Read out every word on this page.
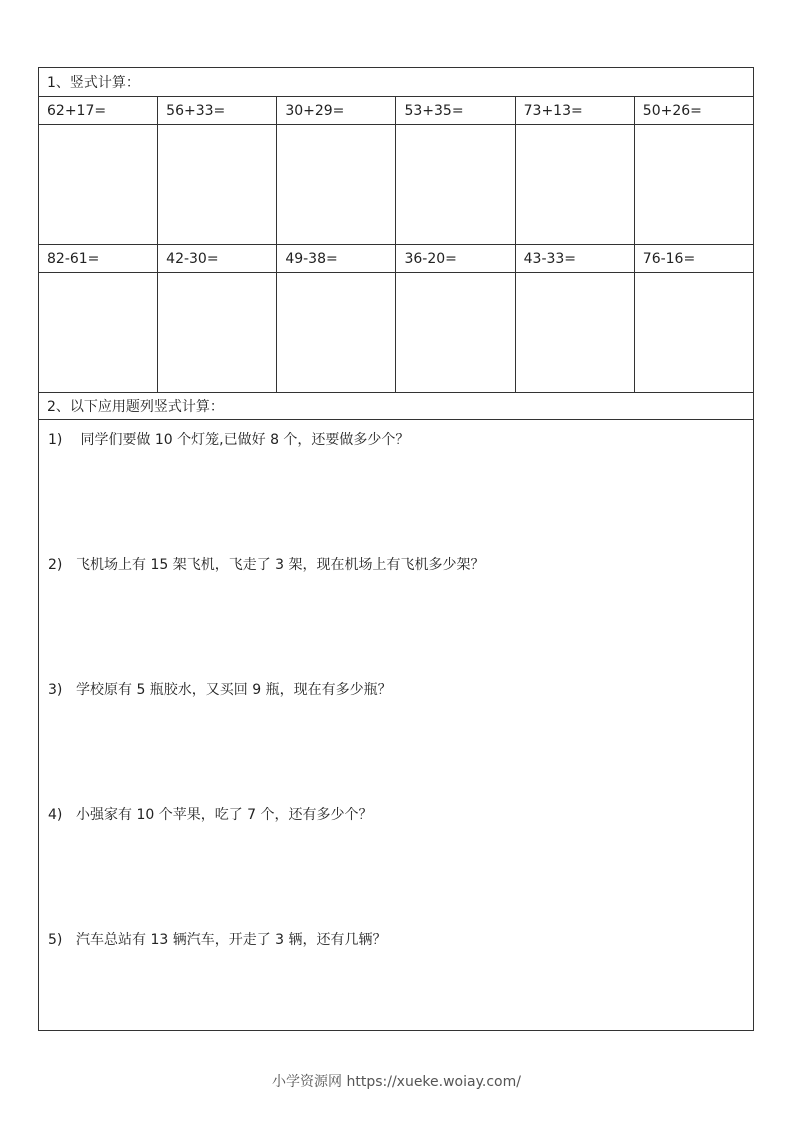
1、竖式计算：					
62+17=	56+33=	30+29=	53+35=	73+13=	50+26=

82-61=	42-30=	49-38=	36-20=	43-33=	76-16=

2、以下应用题列竖式计算：					
1) 同学们要做 10 个灯笼,已做好 8 个，还要做多少个？
2) 飞机场上有 15 架飞机，飞走了 3 架，现在机场上有飞机多少架？
3) 学校原有 5 瓶胶水，又买回 9 瓶，现在有多少瓶？
4) 小强家有 10 个苹果，吃了 7 个，还有多少个？
5) 汽车总站有 13 辆汽车，开走了 3 辆，还有几辆？
小学资源网 https://xueke.woiay.com/
